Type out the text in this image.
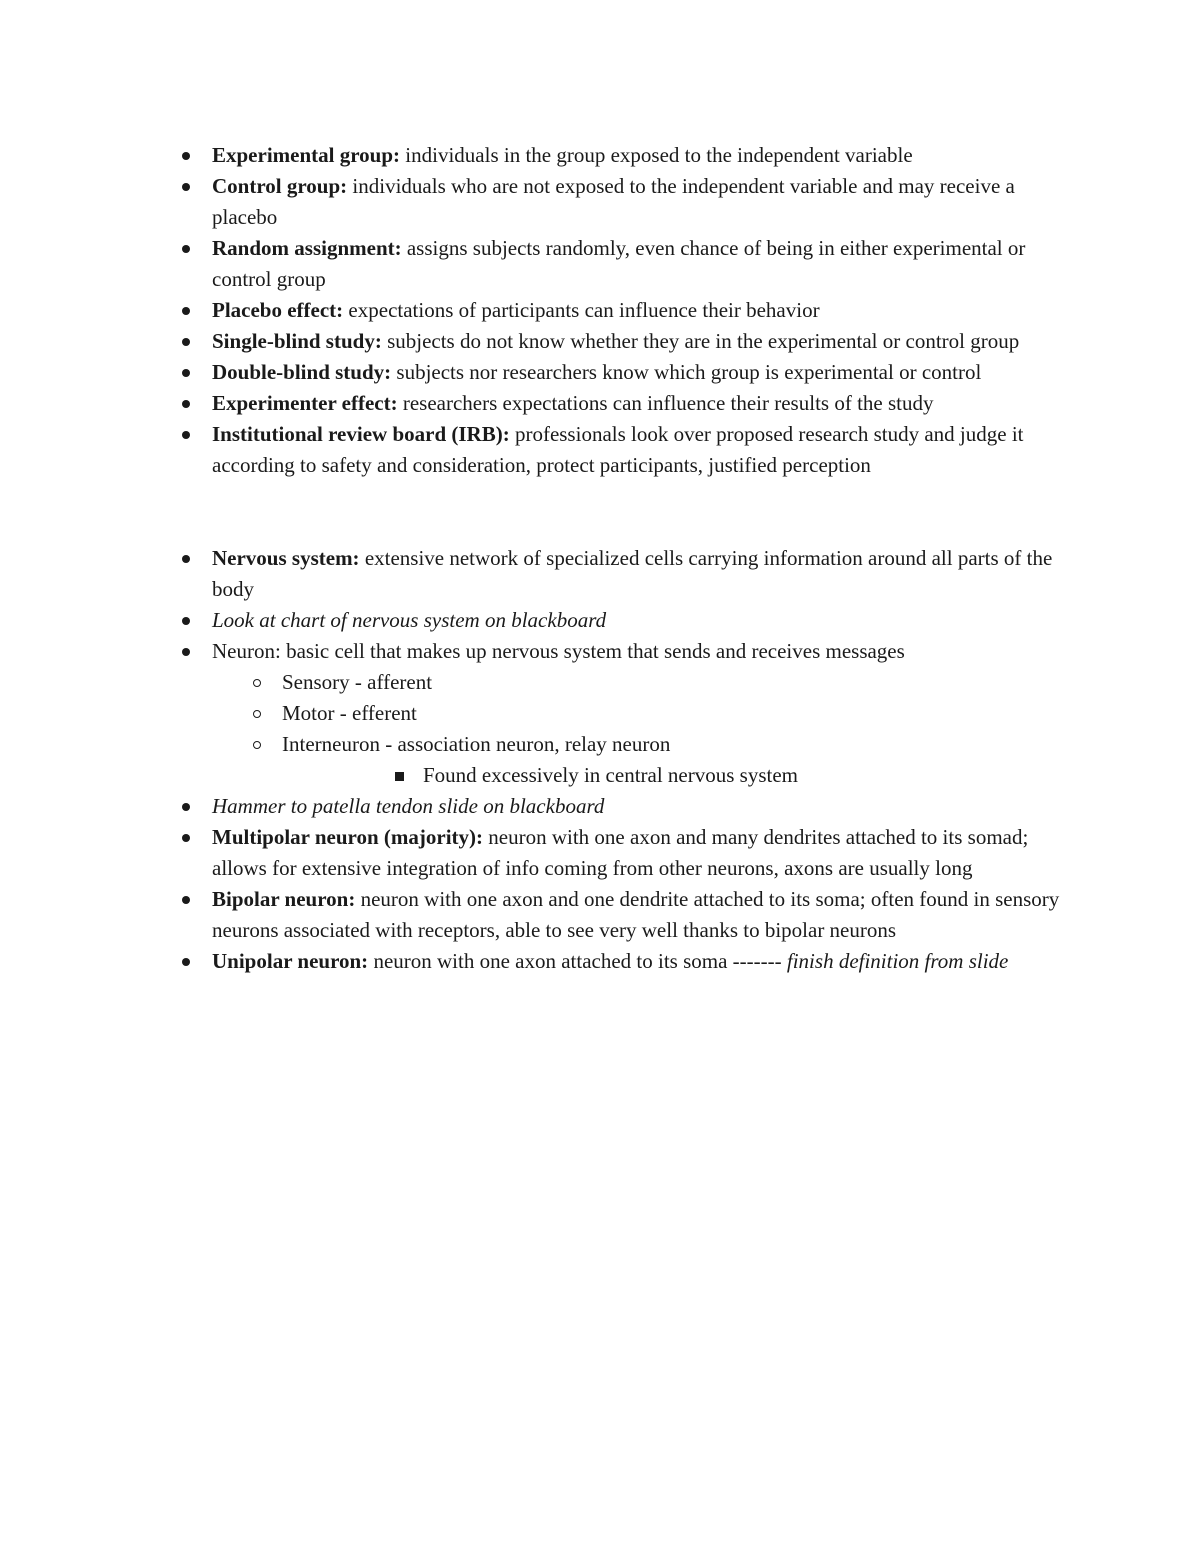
Experimental group: individuals in the group exposed to the independent variable
Control group: individuals who are not exposed to the independent variable and may receive a placebo
Random assignment: assigns subjects randomly, even chance of being in either experimental or control group
Placebo effect: expectations of participants can influence their behavior
Single-blind study: subjects do not know whether they are in the experimental or control group
Double-blind study: subjects nor researchers know which group is experimental or control
Experimenter effect: researchers expectations can influence their results of the study
Institutional review board (IRB): professionals look over proposed research study and judge it according to safety and consideration, protect participants, justified perception
Nervous system: extensive network of specialized cells carrying information around all parts of the body
Look at chart of nervous system on blackboard
Neuron: basic cell that makes up nervous system that sends and receives messages
Sensory - afferent
Motor - efferent
Interneuron - association neuron, relay neuron
Found excessively in central nervous system
Hammer to patella tendon slide on blackboard
Multipolar neuron (majority): neuron with one axon and many dendrites attached to its somad; allows for extensive integration of info coming from other neurons, axons are usually long
Bipolar neuron: neuron with one axon and one dendrite attached to its soma; often found in sensory neurons associated with receptors, able to see very well thanks to bipolar neurons
Unipolar neuron: neuron with one axon attached to its soma ------- finish definition from slide
